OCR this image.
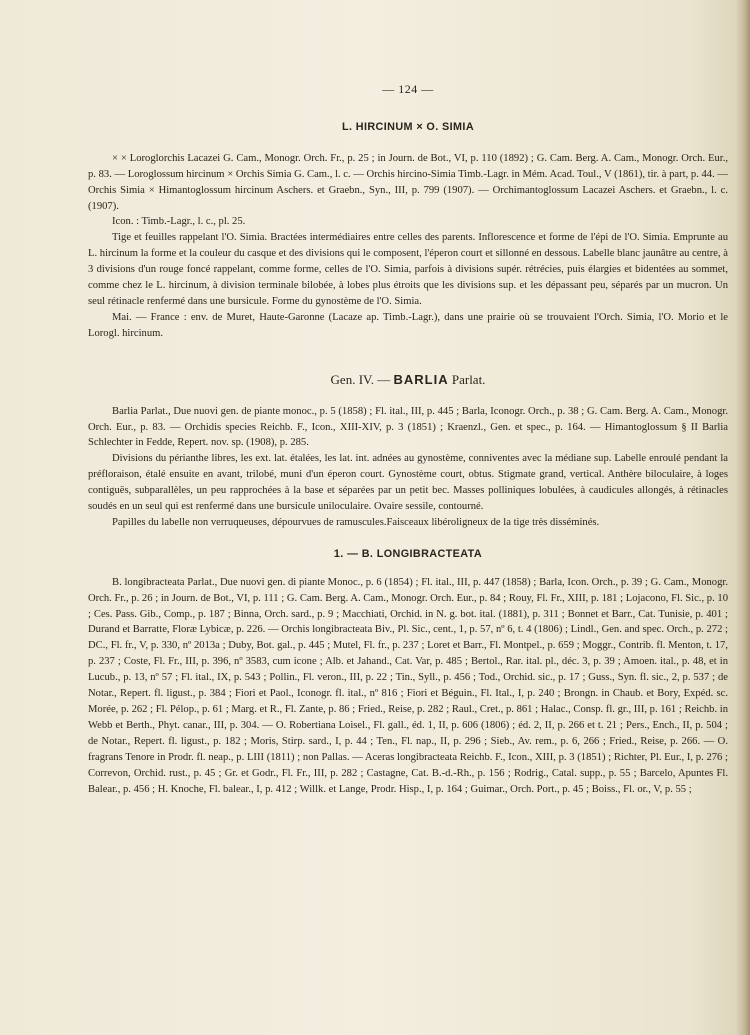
— 124 —
L. HIRCINUM × O. SIMIA

× × Loroglorchis Lacazei G. Cam., Monogr. Orch. Fr., p. 25 ; in Journ. de Bot., VI, p. 110 (1892) ; G. Cam. Berg. A. Cam., Monogr. Orch. Eur., p. 83. — Loroglossum hircinum × Orchis Simia G. Cam., l. c. — Orchis hircino-Simia Timb.-Lagr. in Mém. Acad. Toul., V (1861), tir. à part, p. 44. — Orchis Simia × Himantoglossum hircinum Aschers. et Graebn., Syn., III, p. 799 (1907). — Orchimantoglossum Lacazei Aschers. et Graebn., l. c. (1907).

Icon. : Timb.-Lagr., l. c., pl. 25.

Tige et feuilles rappelant l'O. Simia. Bractées intermédiaires entre celles des parents. Inflorescence et forme de l'épi de l'O. Simia. Emprunte au L. hircinum la forme et la couleur du casque et des divisions qui le composent, l'éperon court et sillonné en dessous. Labelle blanc jaunâtre au centre, à 3 divisions d'un rouge foncé rappelant, comme forme, celles de l'O. Simia, parfois à divisions supér. rétrécies, puis élargies et bidentées au sommet, comme chez le L. hircinum, à division terminale bilobée, à lobes plus étroits que les divisions sup. et les dépassant peu, séparés par un mucron. Un seul rétinacle renfermé dans une bursicule. Forme du gynostème de l'O. Simia.

Mai. — France : env. de Muret, Haute-Garonne (Lacaze ap. Timb.-Lagr.), dans une prairie où se trouvaient l'Orch. Simia, l'O. Morio et le Lorogl. hircinum.

Gen. IV. — BARLIA Parlat.

Barlia Parlat., Due nuovi gen. de piante monoc., p. 5 (1858) ; Fl. ital., III, p. 445 ; Barla, Iconogr. Orch., p. 38 ; G. Cam. Berg. A. Cam., Monogr. Orch. Eur., p. 83. — Orchidis species Reichb. F., Icon., XIII-XIV, p. 3 (1851) ; Kraenzl., Gen. et spec., p. 164. — Himantoglossum § II Barlia Schlechter in Fedde, Repert. nov. sp. (1908), p. 285.

Divisions du périanthe libres, les ext. lat. étalées, les lat. int. adnées au gynostème, conniventes avec la médiane sup. Labelle enroulé pendant la préfloraison, étalé ensuite en avant, trilobé, muni d'un éperon court. Gynostème court, obtus. Stigmate grand, vertical. Anthère biloculaire, à loges contiguës, subparallèles, un peu rapprochées à la base et séparées par un petit bec. Masses polliniques lobulées, à caudicules allongés, à rétinacles soudés en un seul qui est renfermé dans une bursicule uniloculaire. Ovaire sessile, contourné.

Papilles du labelle non verruqueuses, dépourvues de ramuscules.Faisceaux libéroligneux de la tige très disséminés.

1. — B. LONGIBRACTEATA

B. longibracteata Parlat., Due nuovi gen. di piante Monoc., p. 6 (1854) ; Fl. ital., III, p. 447 (1858) ; Barla, Icon. Orch., p. 39 ; G. Cam., Monogr. Orch. Fr., p. 26 ; in Journ. de Bot., VI, p. 111 ; G. Cam. Berg. A. Cam., Monogr. Orch. Eur., p. 84 ; Rouy, Fl. Fr., XIII, p. 181 ; Lojacono, Fl. Sic., p. 10 ; Ces. Pass. Gib., Comp., p. 187 ; Binna, Orch. sard., p. 9 ; Macchiati, Orchid. in N. g. bot. ital. (1881), p. 311 ; Bonnet et Barr., Cat. Tunisie, p. 401 ; Durand et Barratte, Floræ Lybicæ, p. 226. — Orchis longibracteata Biv., Pl. Sic., cent., 1, p. 57, nº 6, t. 4 (1806) ; Lindl., Gen. and spec. Orch., p. 272 ; DC., Fl. fr., V, p. 330, nº 2013a ; Duby, Bot. gal., p. 445 ; Mutel, Fl. fr., p. 237 ; Loret et Barr., Fl. Montpel., p. 659 ; Moggr., Contrib. fl. Menton, t. 17, p. 237 ; Coste, Fl. Fr., III, p. 396, nº 3583, cum icone ; Alb. et Jahand., Cat. Var, p. 485 ; Bertol., Rar. ital. pl., déc. 3, p. 39 ; Amoen. ital., p. 48, et in Lucub., p. 13, nº 57 ; Fl. ital., IX, p. 543 ; Pollin., Fl. veron., III, p. 22 ; Tin., Syll., p. 456 ; Tod., Orchid. sic., p. 17 ; Guss., Syn. fl. sic., 2, p. 537 ; de Notar., Repert. fl. ligust., p. 384 ; Fiori et Paol., Iconogr. fl. ital., nº 816 ; Fiori et Béguin., Fl. Ital., I, p. 240 ; Brongn. in Chaub. et Bory, Expéd. sc. Morée, p. 262 ; Fl. Pélop., p. 61 ; Marg. et R., Fl. Zante, p. 86 ; Fried., Reise, p. 282 ; Raul., Cret., p. 861 ; Halac., Consp. fl. gr., III, p. 161 ; Reichb. in Webb et Berth., Phyt. canar., III, p. 304. — O. Robertiana Loisel., Fl. gall., éd. 1, II, p. 606 (1806) ; éd. 2, II, p. 266 et t. 21 ; Pers., Ench., II, p. 504 ; de Notar., Repert. fl. ligust., p. 182 ; Moris, Stirp. sard., I, p. 44 ; Ten., Fl. nap., II, p. 296 ; Sieb., Av. rem., p. 6, 266 ; Fried., Reise, p. 266. — O. fragrans Tenore in Prodr. fl. neap., p. LIII (1811) ; non Pallas. — Aceras longibracteata Reichb. F., Icon., XIII, p. 3 (1851) ; Richter, Pl. Eur., I, p. 276 ; Correvon, Orchid. rust., p. 45 ; Gr. et Godr., Fl. Fr., III, p. 282 ; Castagne, Cat. B.-d.-Rh., p. 156 ; Rodrig., Catal. supp., p. 55 ; Barcelo, Apuntes Fl. Balear., p. 456 ; H. Knoche, Fl. balear., I, p. 412 ; Willk. et Lange, Prodr. Hisp., I, p. 164 ; Guimar., Orch. Port., p. 45 ; Boiss., Fl. or., V, p. 55 ;
